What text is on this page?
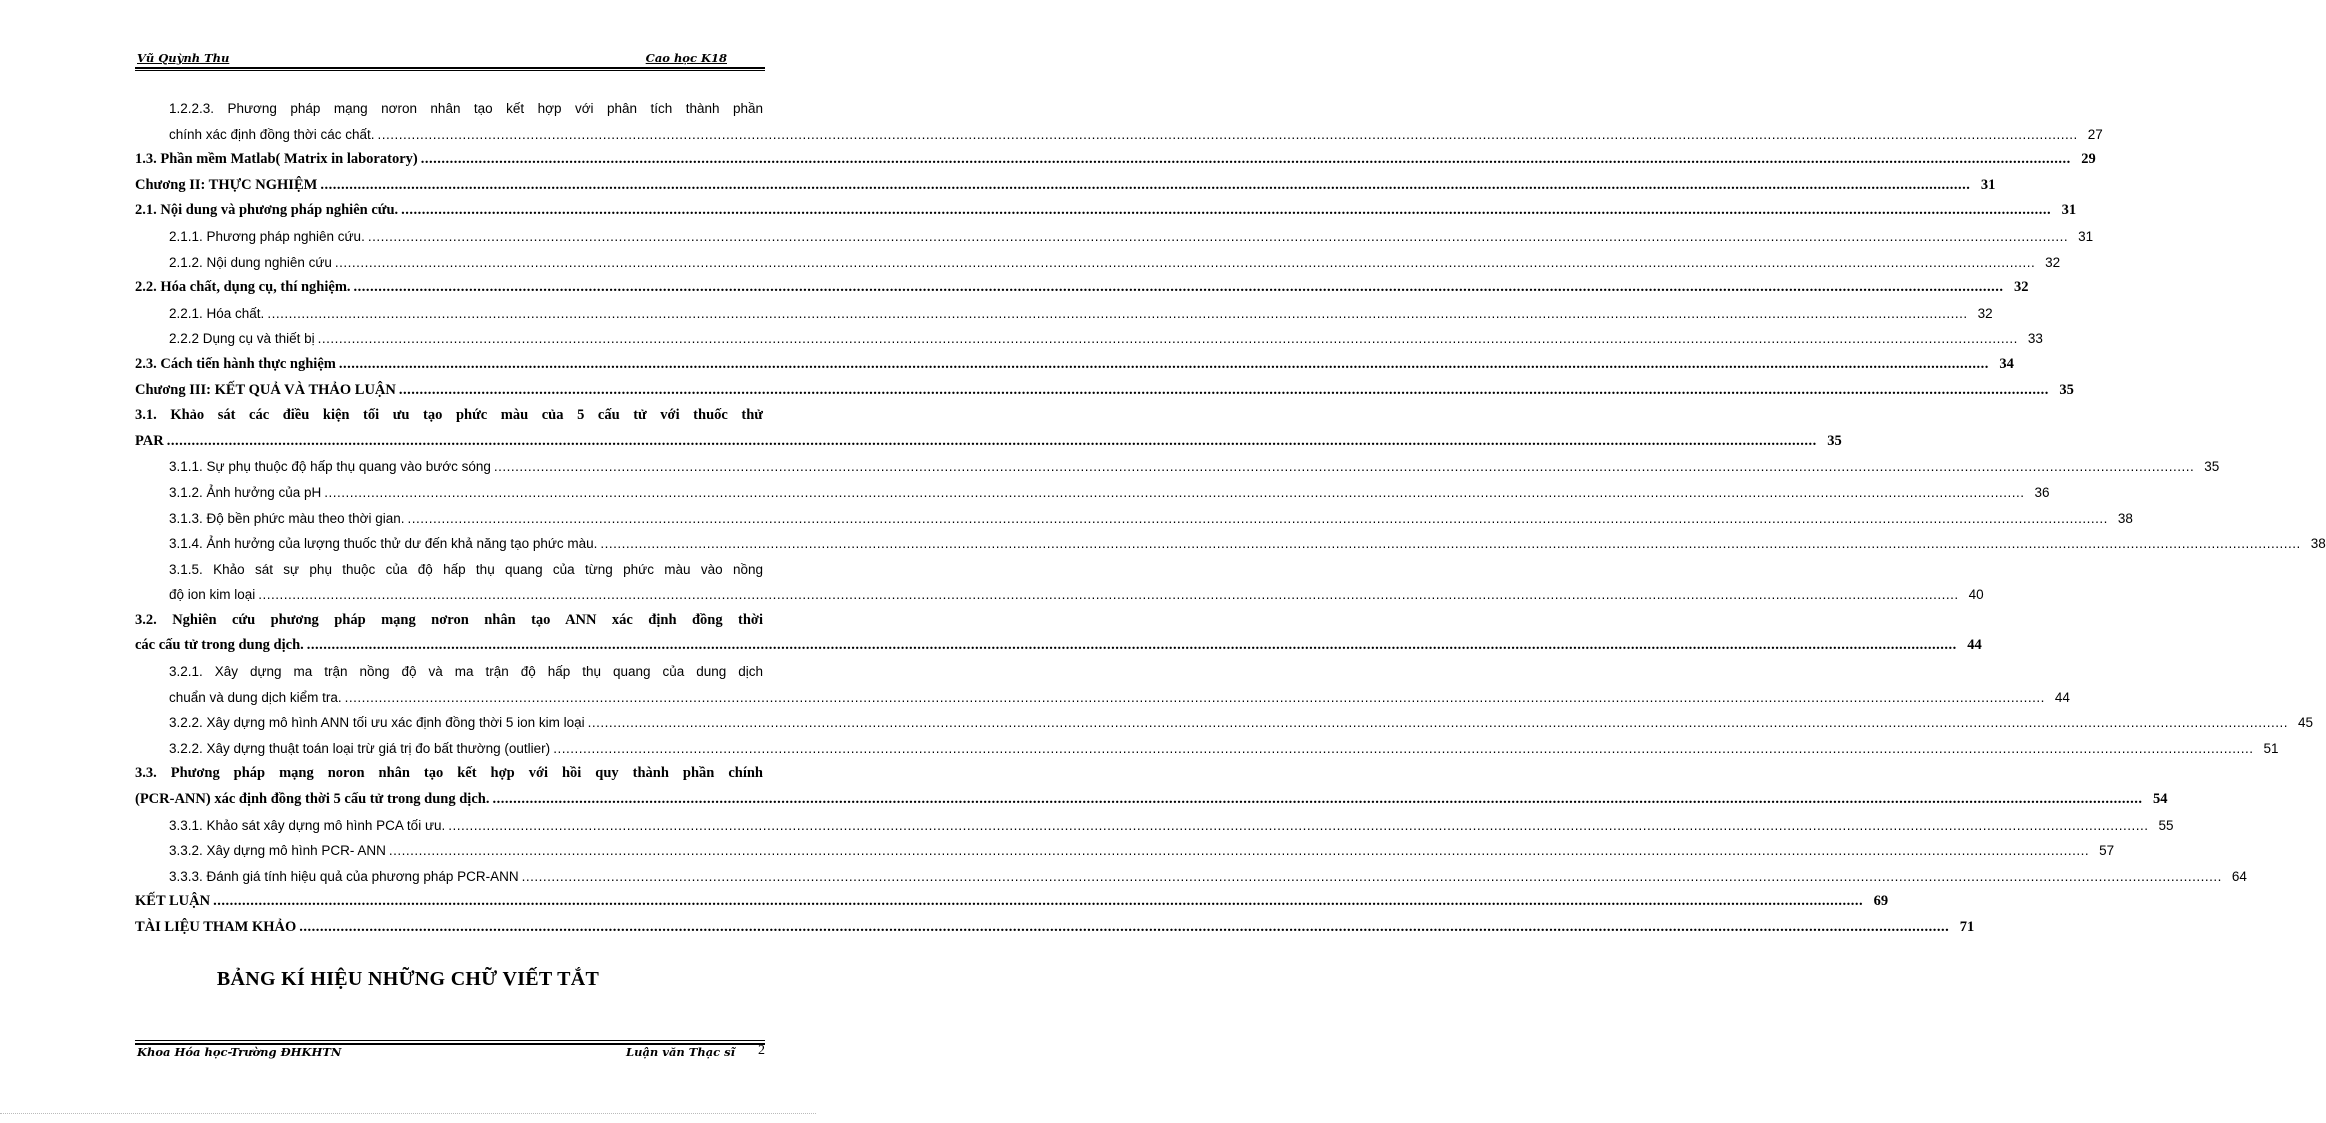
Vũ Quỳnh Thu	Cao học K18
1.2.2.3. Phương pháp mạng nơron nhân tạo kết hợp với phân tích thành phần
chính xác định đồng thời các chất. ................................................................................................................................................................................................................................................................................................................................................................................................................ 27
1.3. Phần mềm Matlab( Matrix in laboratory) ................................................................................................................................................................................................................................................................................................................................................................................................................ 29
Chương II: THỰC NGHIỆM ................................................................................................................................................................................................................................................................................................................................................................................................................ 31
2.1. Nội dung và phương pháp nghiên cứu. ................................................................................................................................................................................................................................................................................................................................................................................................................ 31
2.1.1. Phương pháp nghiên cứu. ................................................................................................................................................................................................................................................................................................................................................................................................................ 31
2.1.2. Nội dung nghiên cứu ................................................................................................................................................................................................................................................................................................................................................................................................................ 32
2.2. Hóa chất, dụng cụ, thí nghiệm. ................................................................................................................................................................................................................................................................................................................................................................................................................ 32
2.2.1. Hóa chất. ................................................................................................................................................................................................................................................................................................................................................................................................................ 32
2.2.2 Dụng cụ và thiết bị ................................................................................................................................................................................................................................................................................................................................................................................................................ 33
2.3. Cách tiến hành thực nghiệm ................................................................................................................................................................................................................................................................................................................................................................................................................ 34
Chương III: KẾT QUẢ VÀ THẢO LUẬN ................................................................................................................................................................................................................................................................................................................................................................................................................ 35
3.1. Khảo sát các điều kiện tối ưu tạo phức màu của 5 cấu tử với thuốc thử
PAR ................................................................................................................................................................................................................................................................................................................................................................................................................ 35
3.1.1. Sự phụ thuộc độ hấp thụ quang vào bước sóng ................................................................................................................................................................................................................................................................................................................................................................................................................ 35
3.1.2. Ảnh hưởng của pH ................................................................................................................................................................................................................................................................................................................................................................................................................ 36
3.1.3. Độ bền phức màu theo thời gian. ................................................................................................................................................................................................................................................................................................................................................................................................................ 38
3.1.4. Ảnh hưởng của lượng thuốc thử dư đến khả năng tạo phức màu. ................................................................................................................................................................................................................................................................................................................................................................................................................ 38
3.1.5. Khảo sát sự phụ thuộc của độ hấp thụ quang của từng phức màu vào nồng
độ ion kim loại ................................................................................................................................................................................................................................................................................................................................................................................................................ 40
3.2. Nghiên cứu phương pháp mạng nơron nhân tạo ANN xác định đồng thời
các cấu tử trong dung dịch. ................................................................................................................................................................................................................................................................................................................................................................................................................ 44
3.2.1. Xây dựng ma trận nồng độ và ma trận độ hấp thụ quang của dung dịch
chuẩn và dung dịch kiểm tra. ................................................................................................................................................................................................................................................................................................................................................................................................................ 44
3.2.2. Xây dựng mô hình ANN tối ưu xác định đồng thời 5 ion kim loại ................................................................................................................................................................................................................................................................................................................................................................................................................ 45
3.2.2. Xây dựng thuật toán loại trừ giá trị đo bất thường (outlier) ................................................................................................................................................................................................................................................................................................................................................................................................................ 51
3.3. Phương pháp mạng noron nhân tạo kết hợp với hồi quy thành phần chính
(PCR-ANN) xác định đồng thời 5 cấu tử trong dung dịch. ................................................................................................................................................................................................................................................................................................................................................................................................................ 54
3.3.1. Khảo sát xây dựng mô hình PCA tối ưu. ................................................................................................................................................................................................................................................................................................................................................................................................................ 55
3.3.2. Xây dựng mô hình PCR- ANN ................................................................................................................................................................................................................................................................................................................................................................................................................ 57
3.3.3. Đánh giá tính hiệu quả của phương pháp PCR-ANN ................................................................................................................................................................................................................................................................................................................................................................................................................ 64
KẾT LUẬN ................................................................................................................................................................................................................................................................................................................................................................................................................ 69
TÀI LIỆU THAM KHẢO ................................................................................................................................................................................................................................................................................................................................................................................................................ 71
BẢNG KÍ HIỆU NHỮNG CHỮ VIẾT TẮT
Khoa Hóa học-Trường ĐHKHTN	Luận văn Thạc sĩ 2
